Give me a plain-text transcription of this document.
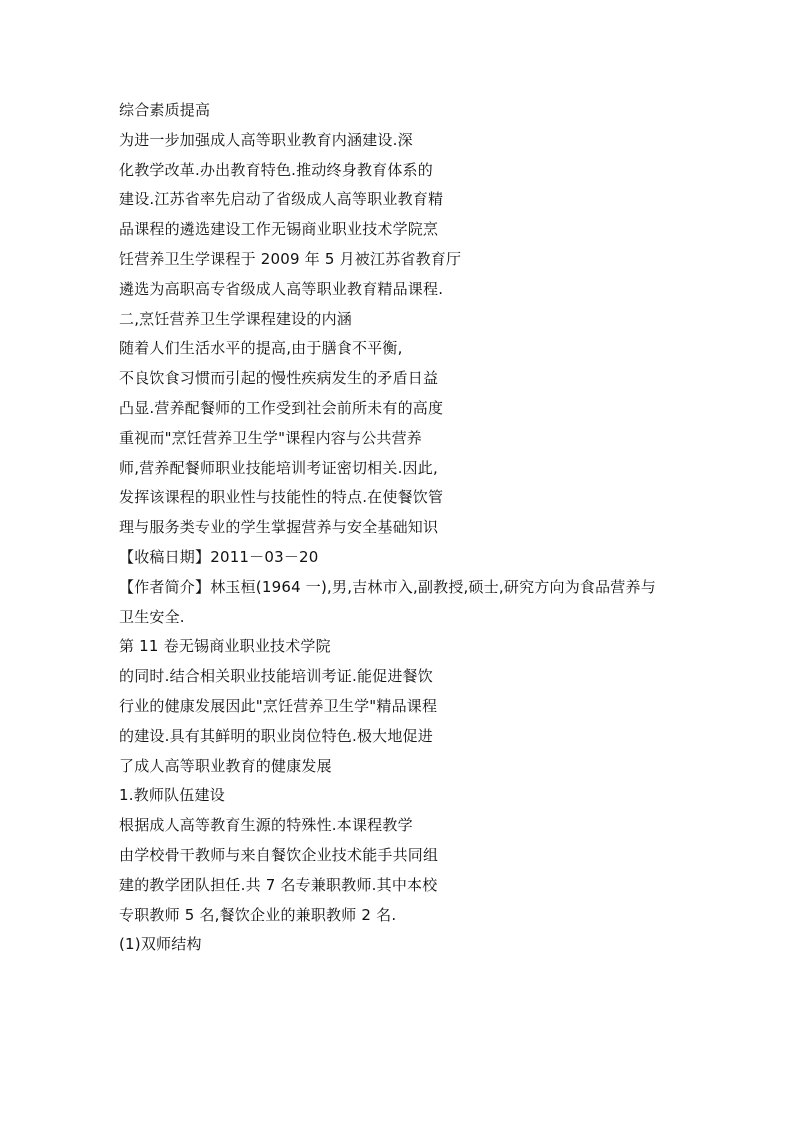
综合素质提高
为进一步加强成人高等职业教育内涵建设.深
化教学改革.办出教育特色.推动终身教育体系的
建设.江苏省率先启动了省级成人高等职业教育精
品课程的遴选建设工作无锡商业职业技术学院烹
饪营养卫生学课程于 2009 年 5 月被江苏省教育厅
遴选为高职高专省级成人高等职业教育精品课程.
二,烹饪营养卫生学课程建设的内涵
随着人们生活水平的提高,由于膳食不平衡,
不良饮食习惯而引起的慢性疾病发生的矛盾日益
凸显.营养配餐师的工作受到社会前所未有的高度
重视而"烹饪营养卫生学"课程内容与公共营养
师,营养配餐师职业技能培训考证密切相关.因此,
发挥该课程的职业性与技能性的特点.在使餐饮管
理与服务类专业的学生掌握营养与安全基础知识
【收稿日期】2011－03－20
【作者简介】林玉桓(1964 一),男,吉林市入,副教授,硕士,研究方向为食品营养与
卫生安全.
第 11 卷无锡商业职业技术学院
的同时.结合相关职业技能培训考证.能促进餐饮
行业的健康发展因此"烹饪营养卫生学"精品课程
的建设.具有其鲜明的职业岗位特色.极大地促进
了成人高等职业教育的健康发展
1.教师队伍建设
根据成人高等教育生源的特殊性.本课程教学
由学校骨干教师与来自餐饮企业技术能手共同组
建的教学团队担任.共 7 名专兼职教师.其中本校
专职教师 5 名,餐饮企业的兼职教师 2 名.
(1)双师结构
